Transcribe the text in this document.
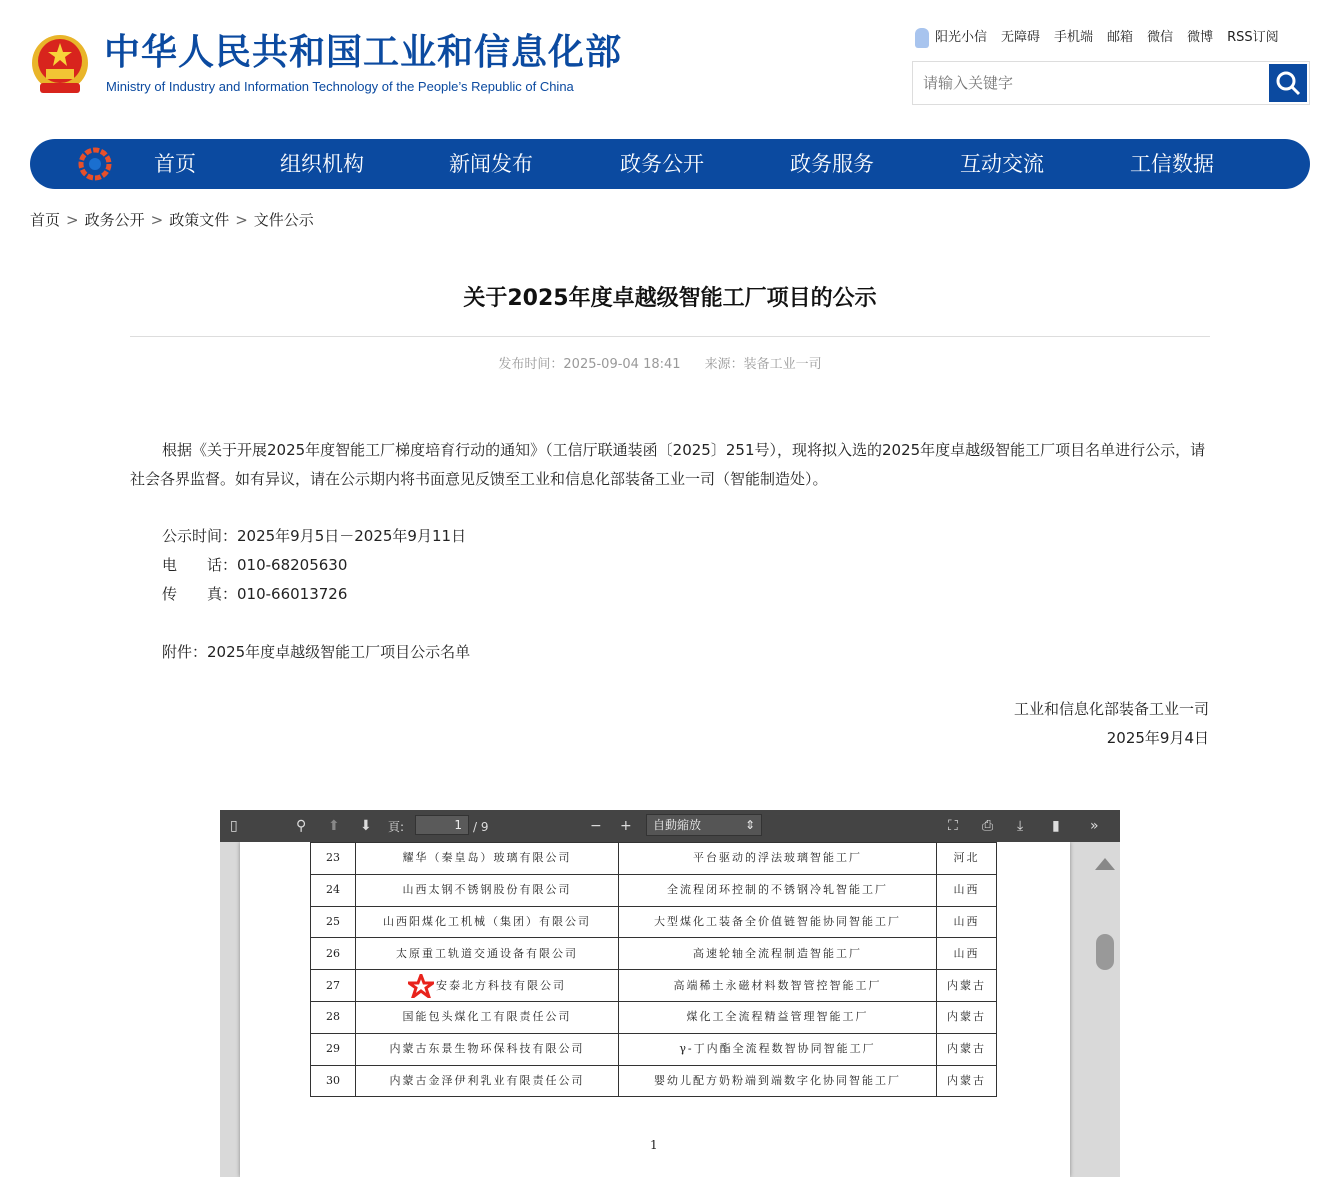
中华人民共和国工业和信息化部
Ministry of Industry and Information Technology of the People’s Republic of China
阳光小信 无障碍 手机端 邮箱 微信 微博 RSS订阅
请输入关键字
首页	组织机构	新闻发布	政务公开	政务服务	互动交流	工信数据
首页 > 政务公开 > 政策文件 > 文件公示
关于2025年度卓越级智能工厂项目的公示
发布时间：2025-09-04 18:41 来源：装备工业一司
根据《关于开展2025年度智能工厂梯度培育行动的通知》（工信厅联通装函〔2025〕251号），现将拟入选的2025年度卓越级智能工厂项目名单进行公示，请社会各界监督。如有异议，请在公示期内将书面意见反馈至工业和信息化部装备工业一司（智能制造处）。
公示时间：2025年9月5日－2025年9月11日
电　　话：010-68205630
传　　真：010-66013726
附件：2025年度卓越级智能工厂项目公示名单
工业和信息化部装备工业一司
2025年9月4日
23	耀华（秦皇岛）玻璃有限公司	平台驱动的浮法玻璃智能工厂	河北
24	山西太钢不锈钢股份有限公司	全流程闭环控制的不锈钢冷轧智能工厂	山西
25	山西阳煤化工机械（集团）有限公司	大型煤化工装备全价值链智能协同智能工厂	山西
26	太原重工轨道交通设备有限公司	高速轮轴全流程制造智能工厂	山西
27	安泰北方科技有限公司	高端稀土永磁材料数智管控智能工厂	内蒙古
28	国能包头煤化工有限责任公司	煤化工全流程精益管理智能工厂	内蒙古
29	内蒙古东景生物环保科技有限公司	γ-丁内酯全流程数智协同智能工厂	内蒙古
30	内蒙古金泽伊利乳业有限责任公司	婴幼儿配方奶粉端到端数字化协同智能工厂	内蒙古
1
▯	⚲ ⬆ ⬇ 頁:	1 / 9	− +	自動縮放	⇕	⛶ ⎙ ⤓ ▮ »
